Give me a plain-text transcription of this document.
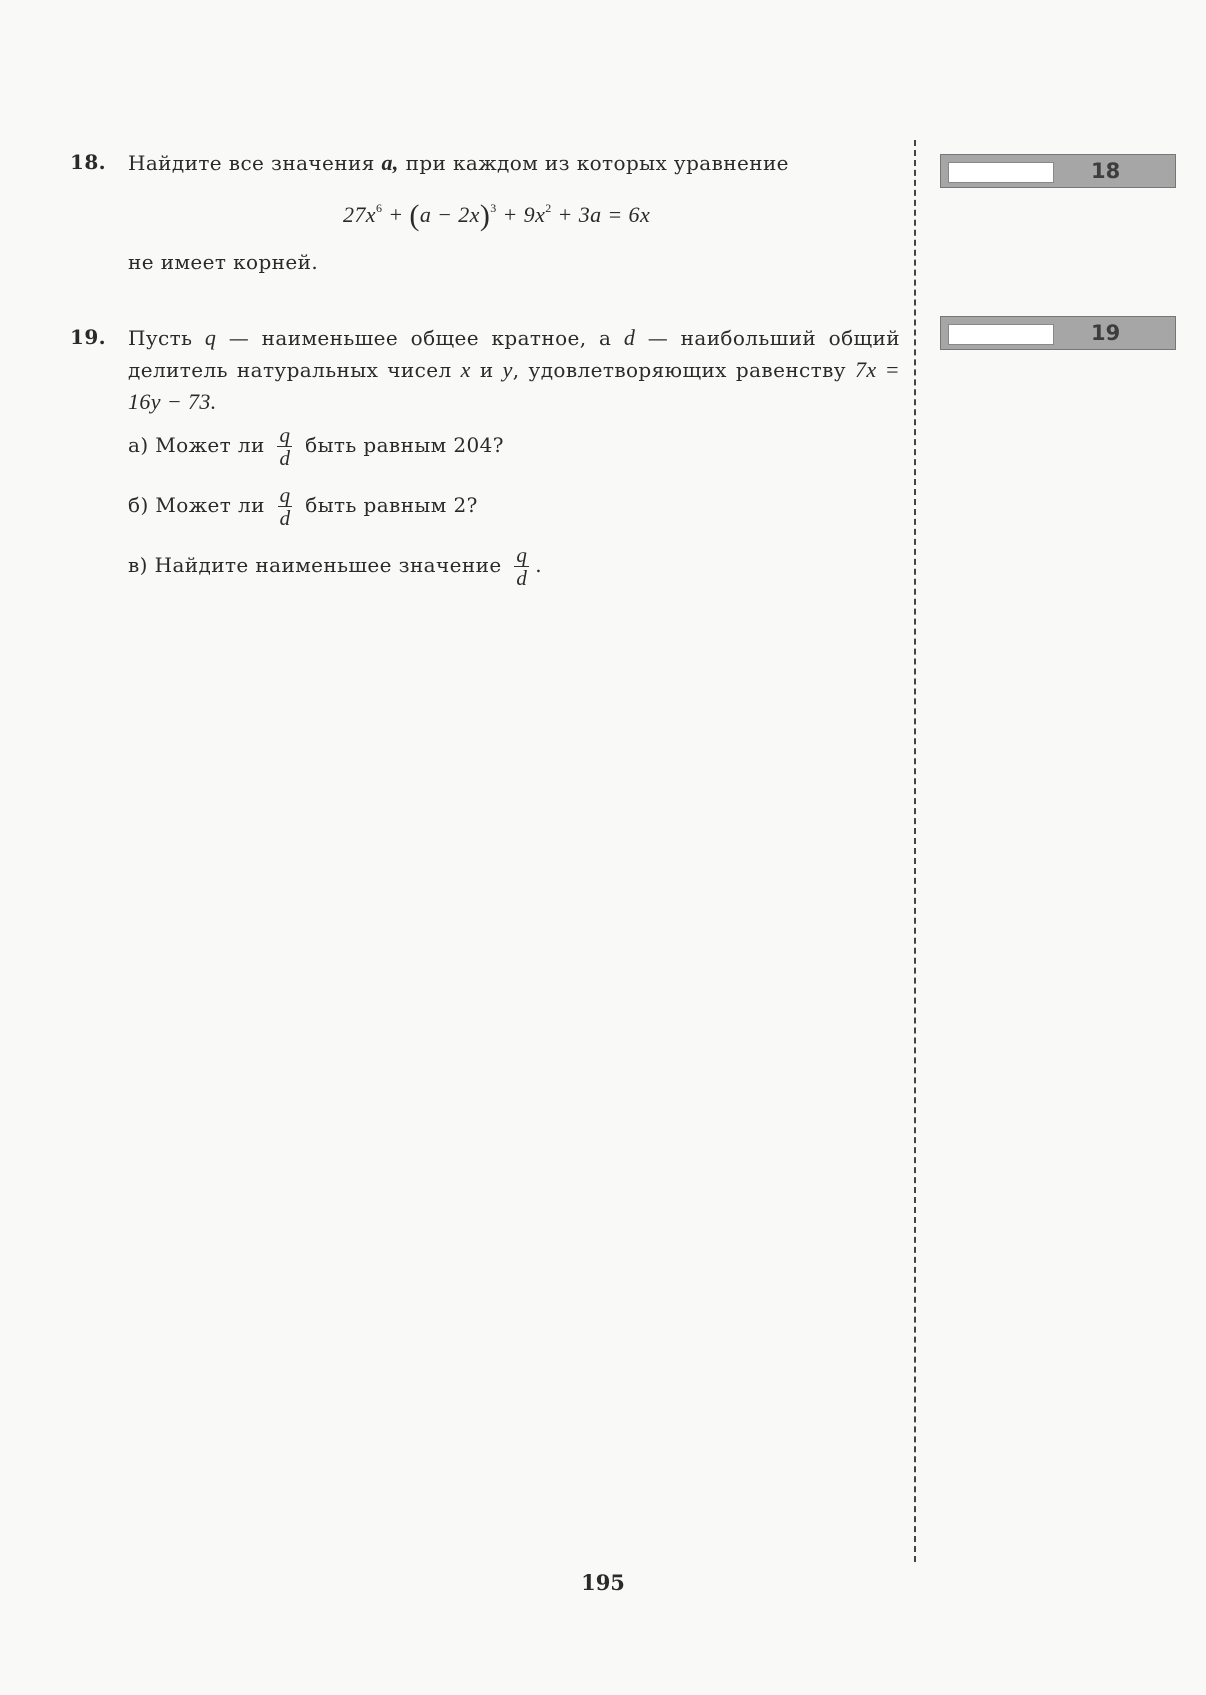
18. Найдите все значения a, при каждом из которых уравнение
$27x^6 + (a - 2x)^3 + 9x^2 + 3a = 6x$
не имеет корней.
19. Пусть q — наименьшее общее кратное, а d — наибольший общий делитель натуральных чисел x и y, удовлетворяющих равенству 7x = 16y − 73.
а) Может ли $\frac{q}{d}$ быть равным 204?
б) Может ли $\frac{q}{d}$ быть равным 2?
в) Найдите наименьшее значение $\frac{q}{d}$ .
18
19
195
